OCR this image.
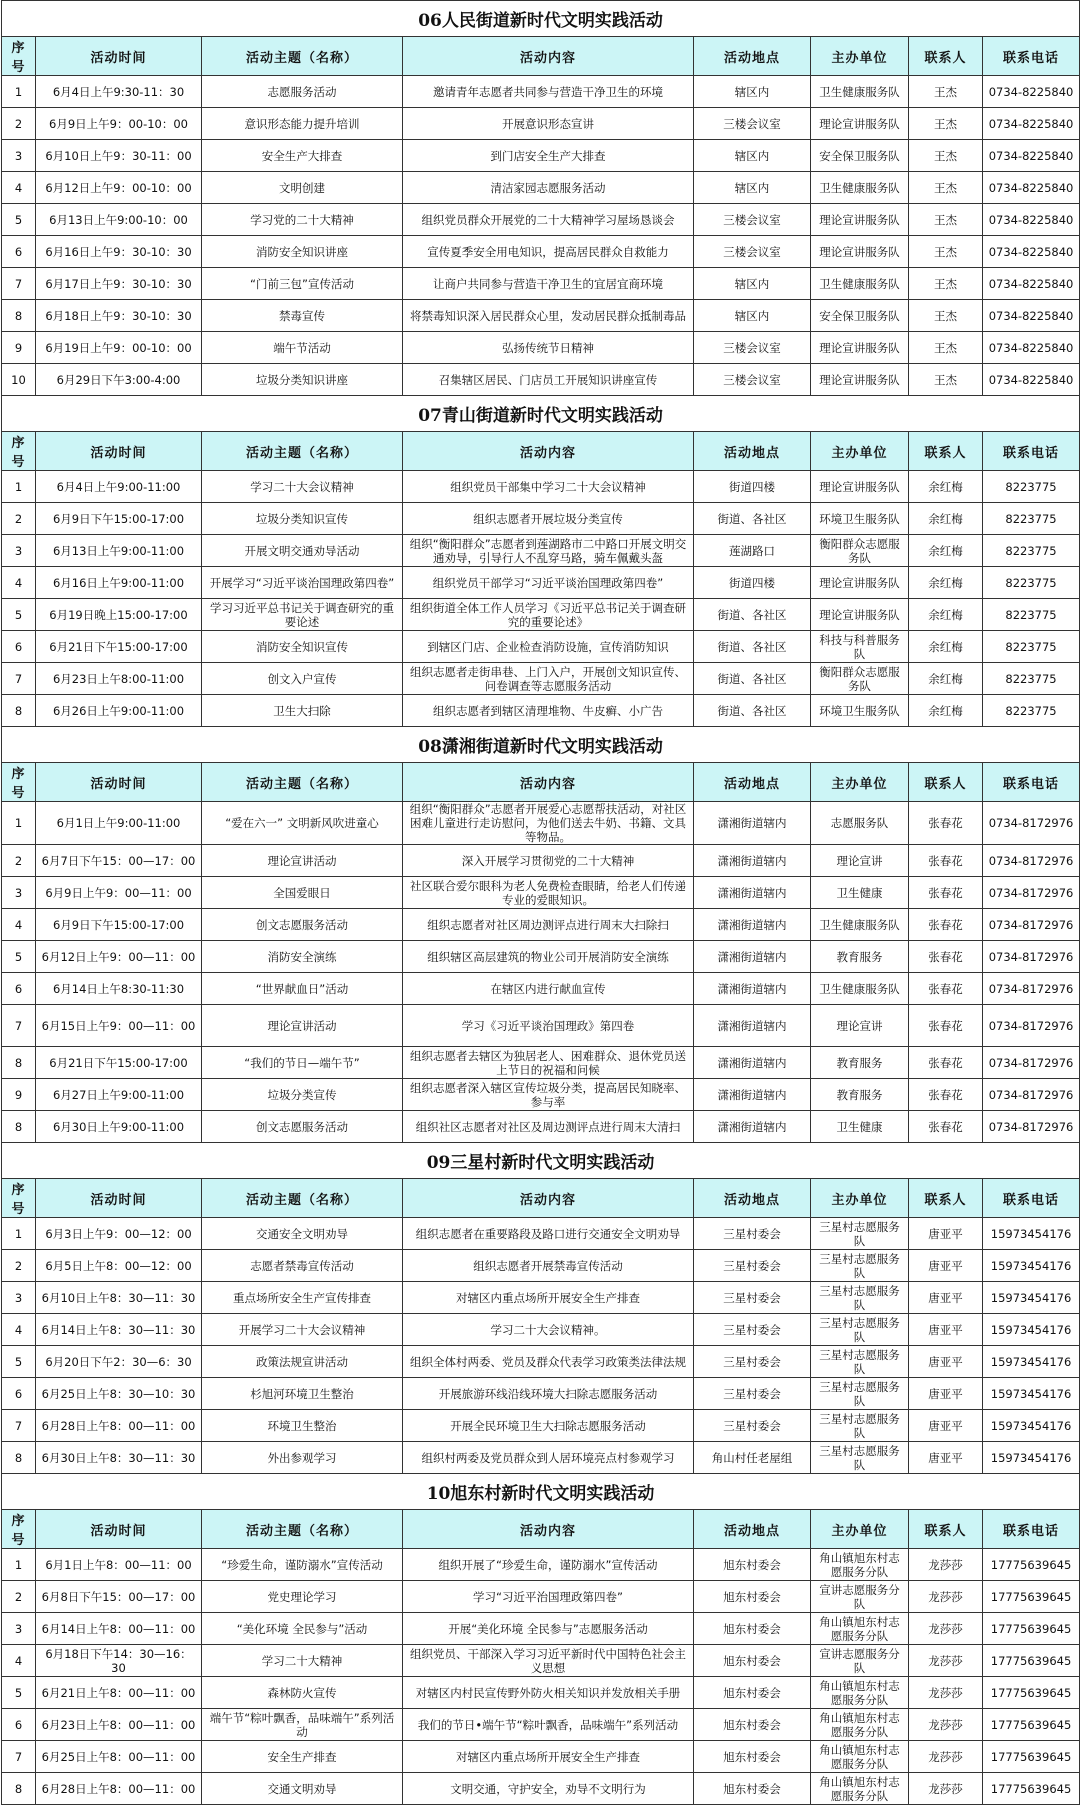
06人民街道新时代文明实践活动							
序号	活动时间	活动主题（名称）	活动内容	活动地点	主办单位	联系人	联系电话
1	6月4日上午9:30-11：30	志愿服务活动	邀请青年志愿者共同参与营造干净卫生的环境	辖区内	卫生健康服务队	王杰	0734-8225840
2	6月9日上午9：00-10：00	意识形态能力提升培训	开展意识形态宣讲	三楼会议室	理论宣讲服务队	王杰	0734-8225840
3	6月10日上午9：30-11：00	安全生产大排查	到门店安全生产大排查	辖区内	安全保卫服务队	王杰	0734-8225840
4	6月12日上午9：00-10：00	文明创建	清洁家园志愿服务活动	辖区内	卫生健康服务队	王杰	0734-8225840
5	6月13日上午9:00-10：00	学习党的二十大精神	组织党员群众开展党的二十大精神学习屋场恳谈会	三楼会议室	理论宣讲服务队	王杰	0734-8225840
6	6月16日上午9：30-10：30	消防安全知识讲座	宣传夏季安全用电知识，提高居民群众自救能力	三楼会议室	理论宣讲服务队	王杰	0734-8225840
7	6月17日上午9：30-10：30	“门前三包”宣传活动	让商户共同参与营造干净卫生的宜居宜商环境	辖区内	卫生健康服务队	王杰	0734-8225840
8	6月18日上午9：30-10：30	禁毒宣传	将禁毒知识深入居民群众心里，发动居民群众抵制毒品	辖区内	安全保卫服务队	王杰	0734-8225840
9	6月19日上午9：00-10：00	端午节活动	弘扬传统节日精神	三楼会议室	理论宣讲服务队	王杰	0734-8225840
10	6月29日下午3:00-4:00	垃圾分类知识讲座	召集辖区居民、门店员工开展知识讲座宣传	三楼会议室	理论宣讲服务队	王杰	0734-8225840
07青山街道新时代文明实践活动							
序号	活动时间	活动主题（名称）	活动内容	活动地点	主办单位	联系人	联系电话
1	6月4日上午9:00-11:00	学习二十大会议精神	组织党员干部集中学习二十大会议精神	街道四楼	理论宣讲服务队	余红梅	8223775
2	6月9日下午15:00-17:00	垃圾分类知识宣传	组织志愿者开展垃圾分类宣传	街道、各社区	环境卫生服务队	余红梅	8223775
3	6月13日上午9:00-11:00	开展文明交通劝导活动	组织“衡阳群众”志愿者到莲湖路市二中路口开展文明交通劝导，引导行人不乱穿马路，骑车佩戴头盔	莲湖路口	衡阳群众志愿服务队	余红梅	8223775
4	6月16日上午9:00-11:00	开展学习“习近平谈治国理政第四卷”	组织党员干部学习“习近平谈治国理政第四卷”	街道四楼	理论宣讲服务队	余红梅	8223775
5	6月19日晚上15:00-17:00	学习习近平总书记关于调查研究的重要论述	组织街道全体工作人员学习《习近平总书记关于调查研究的重要论述》	街道、各社区	理论宣讲服务队	余红梅	8223775
6	6月21日下午15:00-17:00	消防安全知识宣传	到辖区门店、企业检查消防设施，宣传消防知识	街道、各社区	科技与科普服务队	余红梅	8223775
7	6月23日上午8:00-11:00	创文入户宣传	组织志愿者走街串巷、上门入户，开展创文知识宣传、问卷调查等志愿服务活动	街道、各社区	衡阳群众志愿服务队	余红梅	8223775
8	6月26日上午9:00-11:00	卫生大扫除	组织志愿者到辖区清理堆物、牛皮癣、小广告	街道、各社区	环境卫生服务队	余红梅	8223775
08潇湘街道新时代文明实践活动							
序号	活动时间	活动主题（名称）	活动内容	活动地点	主办单位	联系人	联系电话
1	6月1日上午9:00-11:00	“爱在六一” 文明新风吹进童心	组织“衡阳群众”志愿者开展爱心志愿帮扶活动，对社区困难儿童进行走访慰问，为他们送去牛奶、书籍、文具等物品。	潇湘街道辖内	志愿服务队	张春花	0734-8172976
2	6月7日下午15：00—17：00	理论宣讲活动	深入开展学习贯彻党的二十大精神	潇湘街道辖内	理论宣讲	张春花	0734-8172976
3	6月9日上午9：00—11：00	全国爱眼日	社区联合爱尔眼科为老人免费检查眼睛，给老人们传递专业的爱眼知识。	潇湘街道辖内	卫生健康	张春花	0734-8172976
4	6月9日下午15:00-17:00	创文志愿服务活动	组织志愿者对社区周边测评点进行周末大扫除扫	潇湘街道辖内	卫生健康服务队	张春花	0734-8172976
5	6月12日上午9：00—11：00	消防安全演练	组织辖区高层建筑的物业公司开展消防安全演练	潇湘街道辖内	教育服务	张春花	0734-8172976
6	6月14日上午8:30-11:30	“世界献血日”活动	在辖区内进行献血宣传	潇湘街道辖内	卫生健康服务队	张春花	0734-8172976
7	6月15日上午9：00—11：00	理论宣讲活动	学习《习近平谈治国理政》第四卷	潇湘街道辖内	理论宣讲	张春花	0734-8172976
8	6月21日下午15:00-17:00	“我们的节日—端午节”	组织志愿者去辖区为独居老人、困难群众、退休党员送上节日的祝福和问候	潇湘街道辖内	教育服务	张春花	0734-8172976
9	6月27日上午9:00-11:00	垃圾分类宣传	组织志愿者深入辖区宣传垃圾分类，提高居民知晓率、参与率	潇湘街道辖内	教育服务	张春花	0734-8172976
8	6月30日上午9:00-11:00	创文志愿服务活动	组织社区志愿者对社区及周边测评点进行周末大清扫	潇湘街道辖内	卫生健康	张春花	0734-8172976
09三星村新时代文明实践活动							
序号	活动时间	活动主题（名称）	活动内容	活动地点	主办单位	联系人	联系电话
1	6月3日上午9：00—12：00	交通安全文明劝导	组织志愿者在重要路段及路口进行交通安全文明劝导	三星村委会	三星村志愿服务队	唐亚平	15973454176
2	6月5日上午8：00—12：00	志愿者禁毒宣传活动	组织志愿者开展禁毒宣传活动	三星村委会	三星村志愿服务队	唐亚平	15973454176
3	6月10日上午8：30—11：30	重点场所安全生产宣传排查	对辖区内重点场所开展安全生产排查	三星村委会	三星村志愿服务队	唐亚平	15973454176
4	6月14日上午8：30—11：30	开展学习二十大会议精神	学习二十大会议精神。	三星村委会	三星村志愿服务队	唐亚平	15973454176
5	6月20日下午2：30—6：30	政策法规宣讲活动	组织全体村两委、党员及群众代表学习政策类法律法规	三星村委会	三星村志愿服务队	唐亚平	15973454176
6	6月25日上午8：30—10：30	杉旭河环境卫生整治	开展旅游环线沿线环境大扫除志愿服务活动	三星村委会	三星村志愿服务队	唐亚平	15973454176
7	6月28日上午8：00—11：00	环境卫生整治	开展全民环境卫生大扫除志愿服务活动	三星村委会	三星村志愿服务队	唐亚平	15973454176
8	6月30日上午8：30—11：30	外出参观学习	组织村两委及党员群众到人居环境亮点村参观学习	角山村任老屋组	三星村志愿服务队	唐亚平	15973454176
10旭东村新时代文明实践活动							
序号	活动时间	活动主题（名称）	活动内容	活动地点	主办单位	联系人	联系电话
1	6月1日上午8：00—11：00	“珍爱生命，谨防溺水”宣传活动	组织开展了“珍爱生命，谨防溺水”宣传活动	旭东村委会	角山镇旭东村志愿服务分队	龙莎莎	17775639645
2	6月8日下午15：00—17：00	党史理论学习	学习“习近平治国理政第四卷”	旭东村委会	宣讲志愿服务分队	龙莎莎	17775639645
3	6月14日上午8：00—11：00	“美化环境 全民参与”活动	开展“美化环境 全民参与”志愿服务活动	旭东村委会	角山镇旭东村志愿服务分队	龙莎莎	17775639645
4	6月18日下午14：30—16：30	学习二十大精神	组织党员、干部深入学习习近平新时代中国特色社会主义思想	旭东村委会	宣讲志愿服务分队	龙莎莎	17775639645
5	6月21日上午8：00—11：00	森林防火宣传	对辖区内村民宣传野外防火相关知识并发放相关手册	旭东村委会	角山镇旭东村志愿服务分队	龙莎莎	17775639645
6	6月23日上午8：00—11：00	端午节“粽叶飘香，品味端午”系列活动	我们的节日•端午节“粽叶飘香，品味端午”系列活动	旭东村委会	角山镇旭东村志愿服务分队	龙莎莎	17775639645
7	6月25日上午8：00—11：00	安全生产排查	对辖区内重点场所开展安全生产排查	旭东村委会	角山镇旭东村志愿服务分队	龙莎莎	17775639645
8	6月28日上午8：00—11：00	交通文明劝导	文明交通，守护安全，劝导不文明行为	旭东村委会	角山镇旭东村志愿服务分队	龙莎莎	17775639645
